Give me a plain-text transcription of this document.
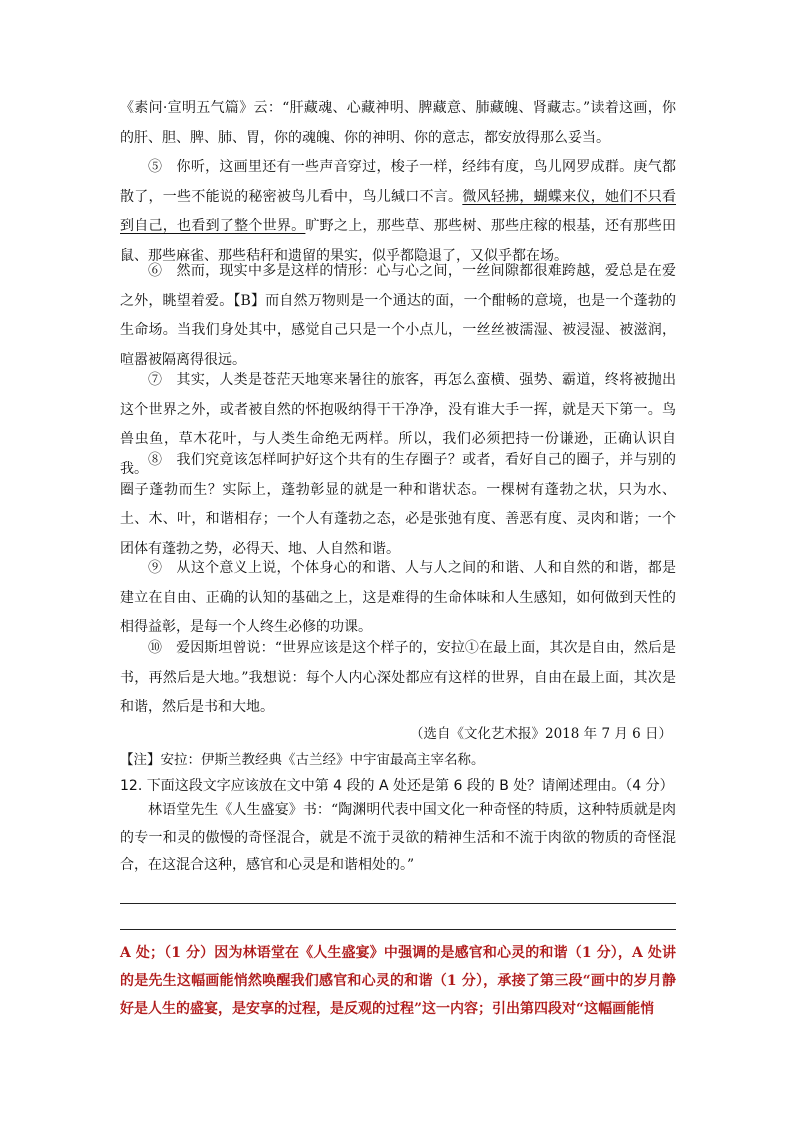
《素问·宣明五气篇》云：“肝藏魂、心藏神明、脾藏意、肺藏魄、肾藏志。”读着这画，你的肝、胆、脾、肺、胃，你的魂魄、你的神明、你的意志，都安放得那么妥当。

⑤　你听，这画里还有一些声音穿过，梭子一样，经纬有度，鸟儿网罗成群。庚气都散了，一些不能说的秘密被鸟儿看中，鸟儿缄口不言。微风轻拂，蝴蝶来仪，她们不只看到自己，也看到了整个世界。旷野之上，那些草、那些树、那些庄稼的根基，还有那些田鼠、那些麻雀、那些秸秆和遗留的果实，似乎都隐退了，又似乎都在场。

⑥　然而，现实中多是这样的情形：心与心之间，一丝间隙都很难跨越，爱总是在爱之外，眺望着爱。【B】而自然万物则是一个通达的面，一个酣畅的意境，也是一个蓬勃的生命场。当我们身处其中，感觉自己只是一个小点儿，一丝丝被濡湿、被浸湿、被滋润，喧嚣被隔离得很远。

⑦　其实，人类是苍茫天地寒来暑往的旅客，再怎么蛮横、强势、霸道，终将被抛出这个世界之外，或者被自然的怀抱吸纳得干干净净，没有谁大手一挥，就是天下第一。鸟兽虫鱼，草木花叶，与人类生命绝无两样。所以，我们必须把持一份谦逊，正确认识自我。

⑧　我们究竟该怎样呵护好这个共有的生存圈子？或者，看好自己的圈子，并与别的圈子蓬勃而生？实际上，蓬勃彰显的就是一种和谐状态。一棵树有蓬勃之状，只为水、土、木、叶，和谐相存；一个人有蓬勃之态，必是张弛有度、善恶有度、灵肉和谐；一个团体有蓬勃之势，必得天、地、人自然和谐。

⑨　从这个意义上说，个体身心的和谐、人与人之间的和谐、人和自然的和谐，都是建立在自由、正确的认知的基础之上，这是难得的生命体味和人生感知，如何做到天性的相得益彰，是每一个人终生必修的功课。

⑩　爱因斯坦曾说：“世界应该是这个样子的，安拉①在最上面，其次是自由，然后是书，再然后是大地。”我想说：每个人内心深处都应有这样的世界，自由在最上面，其次是和谐，然后是书和大地。

（选自《文化艺术报》2018 年 7 月 6 日）
【注】安拉：伊斯兰教经典《古兰经》中宇宙最高主宰名称。
12. 下面这段文字应该放在文中第 4 段的 A 处还是第 6 段的 B 处？请阐述理由。（4 分）

林语堂先生《人生盛宴》书：“陶渊明代表中国文化一种奇怪的特质，这种特质就是肉的专一和灵的傲慢的奇怪混合，就是不流于灵欲的精神生活和不流于肉欲的物质的奇怪混合，在这混合这种，感官和心灵是和谐相处的。”

A 处；（1 分）因为林语堂在《人生盛宴》中强调的是感官和心灵的和谐（1 分），A 处讲的是先生这幅画能悄然唤醒我们感官和心灵的和谐（1 分），承接了第三段“画中的岁月静好是人生的盛宴，是安享的过程，是反观的过程”这一内容；引出第四段对“这幅画能悄
